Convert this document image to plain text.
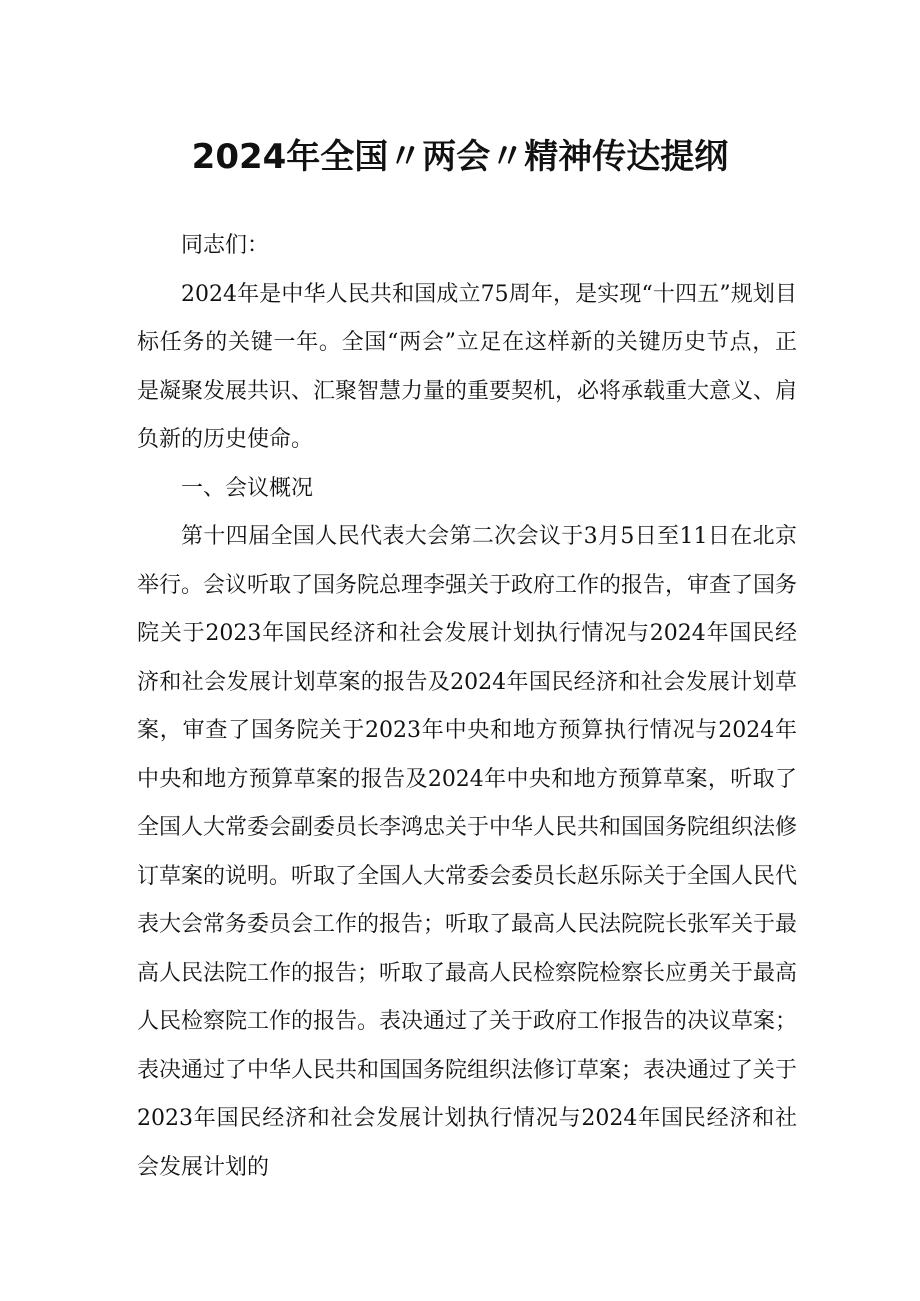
2024年全国〃两会〃精神传达提纲

同志们：

2024年是中华人民共和国成立75周年，是实现“十四五”规划目标任务的关键一年。全国“两会”立足在这样新的关键历史节点，正是凝聚发展共识、汇聚智慧力量的重要契机，必将承载重大意义、肩负新的历史使命。

一、会议概况

第十四届全国人民代表大会第二次会议于3月5日至11日在北京举行。会议听取了国务院总理李强关于政府工作的报告，审查了国务院关于2023年国民经济和社会发展计划执行情况与2024年国民经济和社会发展计划草案的报告及2024年国民经济和社会发展计划草案，审查了国务院关于2023年中央和地方预算执行情况与2024年中央和地方预算草案的报告及2024年中央和地方预算草案，听取了全国人大常委会副委员长李鸿忠关于中华人民共和国国务院组织法修订草案的说明。听取了全国人大常委会委员长赵乐际关于全国人民代表大会常务委员会工作的报告；听取了最高人民法院院长张军关于最高人民法院工作的报告；听取了最高人民检察院检察长应勇关于最高人民检察院工作的报告。表决通过了关于政府工作报告的决议草案；表决通过了中华人民共和国国务院组织法修订草案；表决通过了关于2023年国民经济和社会发展计划执行情况与2024年国民经济和社会发展计划的
